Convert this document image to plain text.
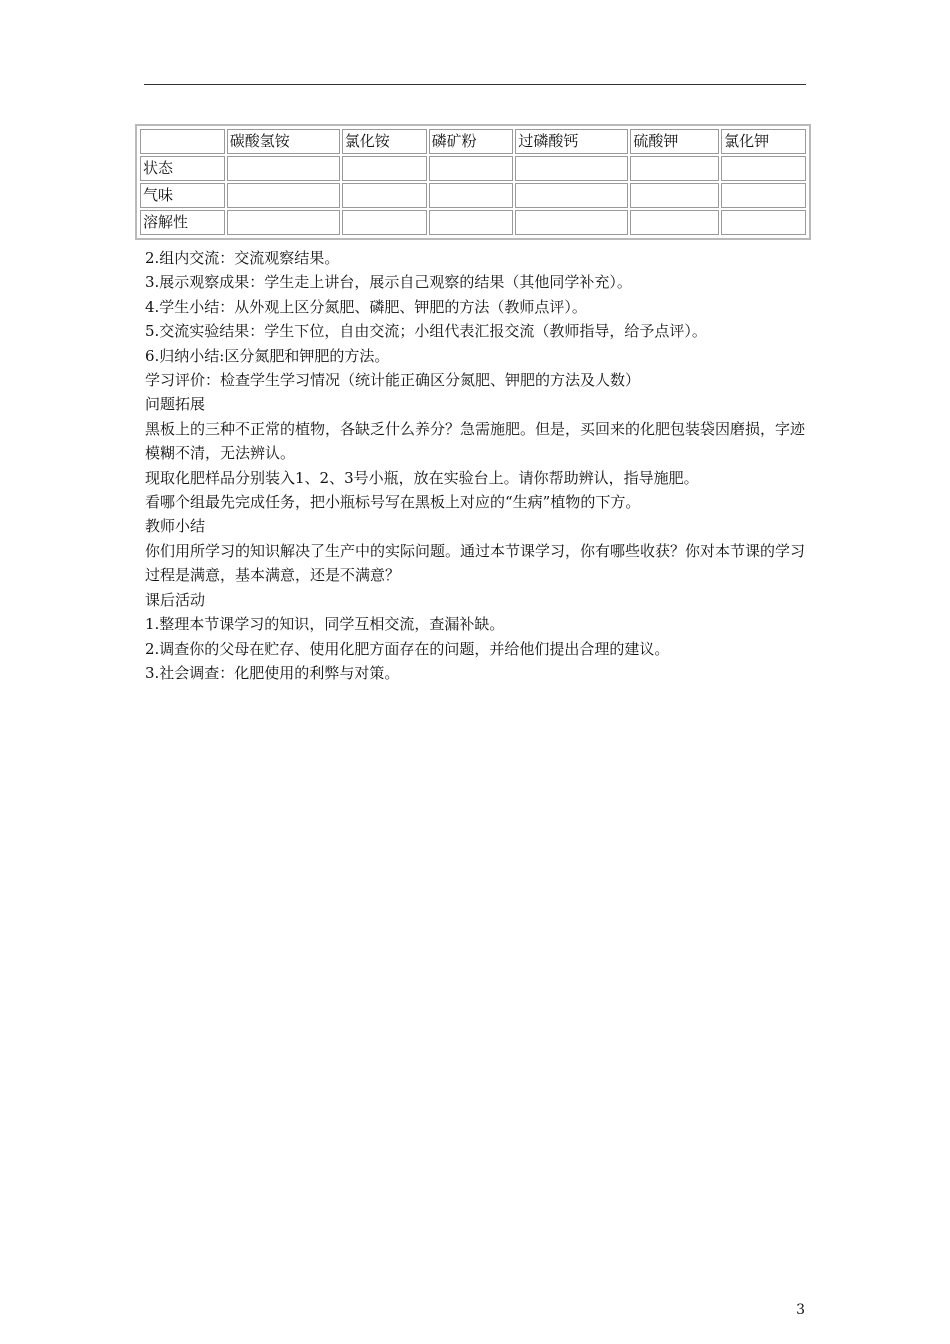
	碳酸氢铵	氯化铵	磷矿粉	过磷酸钙	硫酸钾	氯化钾
状态						
气味						
溶解性						

2.组内交流：交流观察结果。

3.展示观察成果：学生走上讲台，展示自己观察的结果（其他同学补充）。

4.学生小结：从外观上区分氮肥、磷肥、钾肥的方法（教师点评）。

5.交流实验结果：学生下位，自由交流；小组代表汇报交流（教师指导，给予点评）。

6.归纳小结:区分氮肥和钾肥的方法。

学习评价：检查学生学习情况（统计能正确区分氮肥、钾肥的方法及人数）

问题拓展

黑板上的三种不正常的植物，各缺乏什么养分？急需施肥。但是，买回来的化肥包装袋因磨损，字迹模糊不清，无法辨认。

现取化肥样品分别装入1、2、3号小瓶，放在实验台上。请你帮助辨认，指导施肥。

看哪个组最先完成任务，把小瓶标号写在黑板上对应的“生病”植物的下方。

教师小结

你们用所学习的知识解决了生产中的实际问题。通过本节课学习，你有哪些收获？你对本节课的学习过程是满意，基本满意，还是不满意？

课后活动

1.整理本节课学习的知识，同学互相交流，查漏补缺。

2.调查你的父母在贮存、使用化肥方面存在的问题，并给他们提出合理的建议。

3.社会调查：化肥使用的利弊与对策。

3
